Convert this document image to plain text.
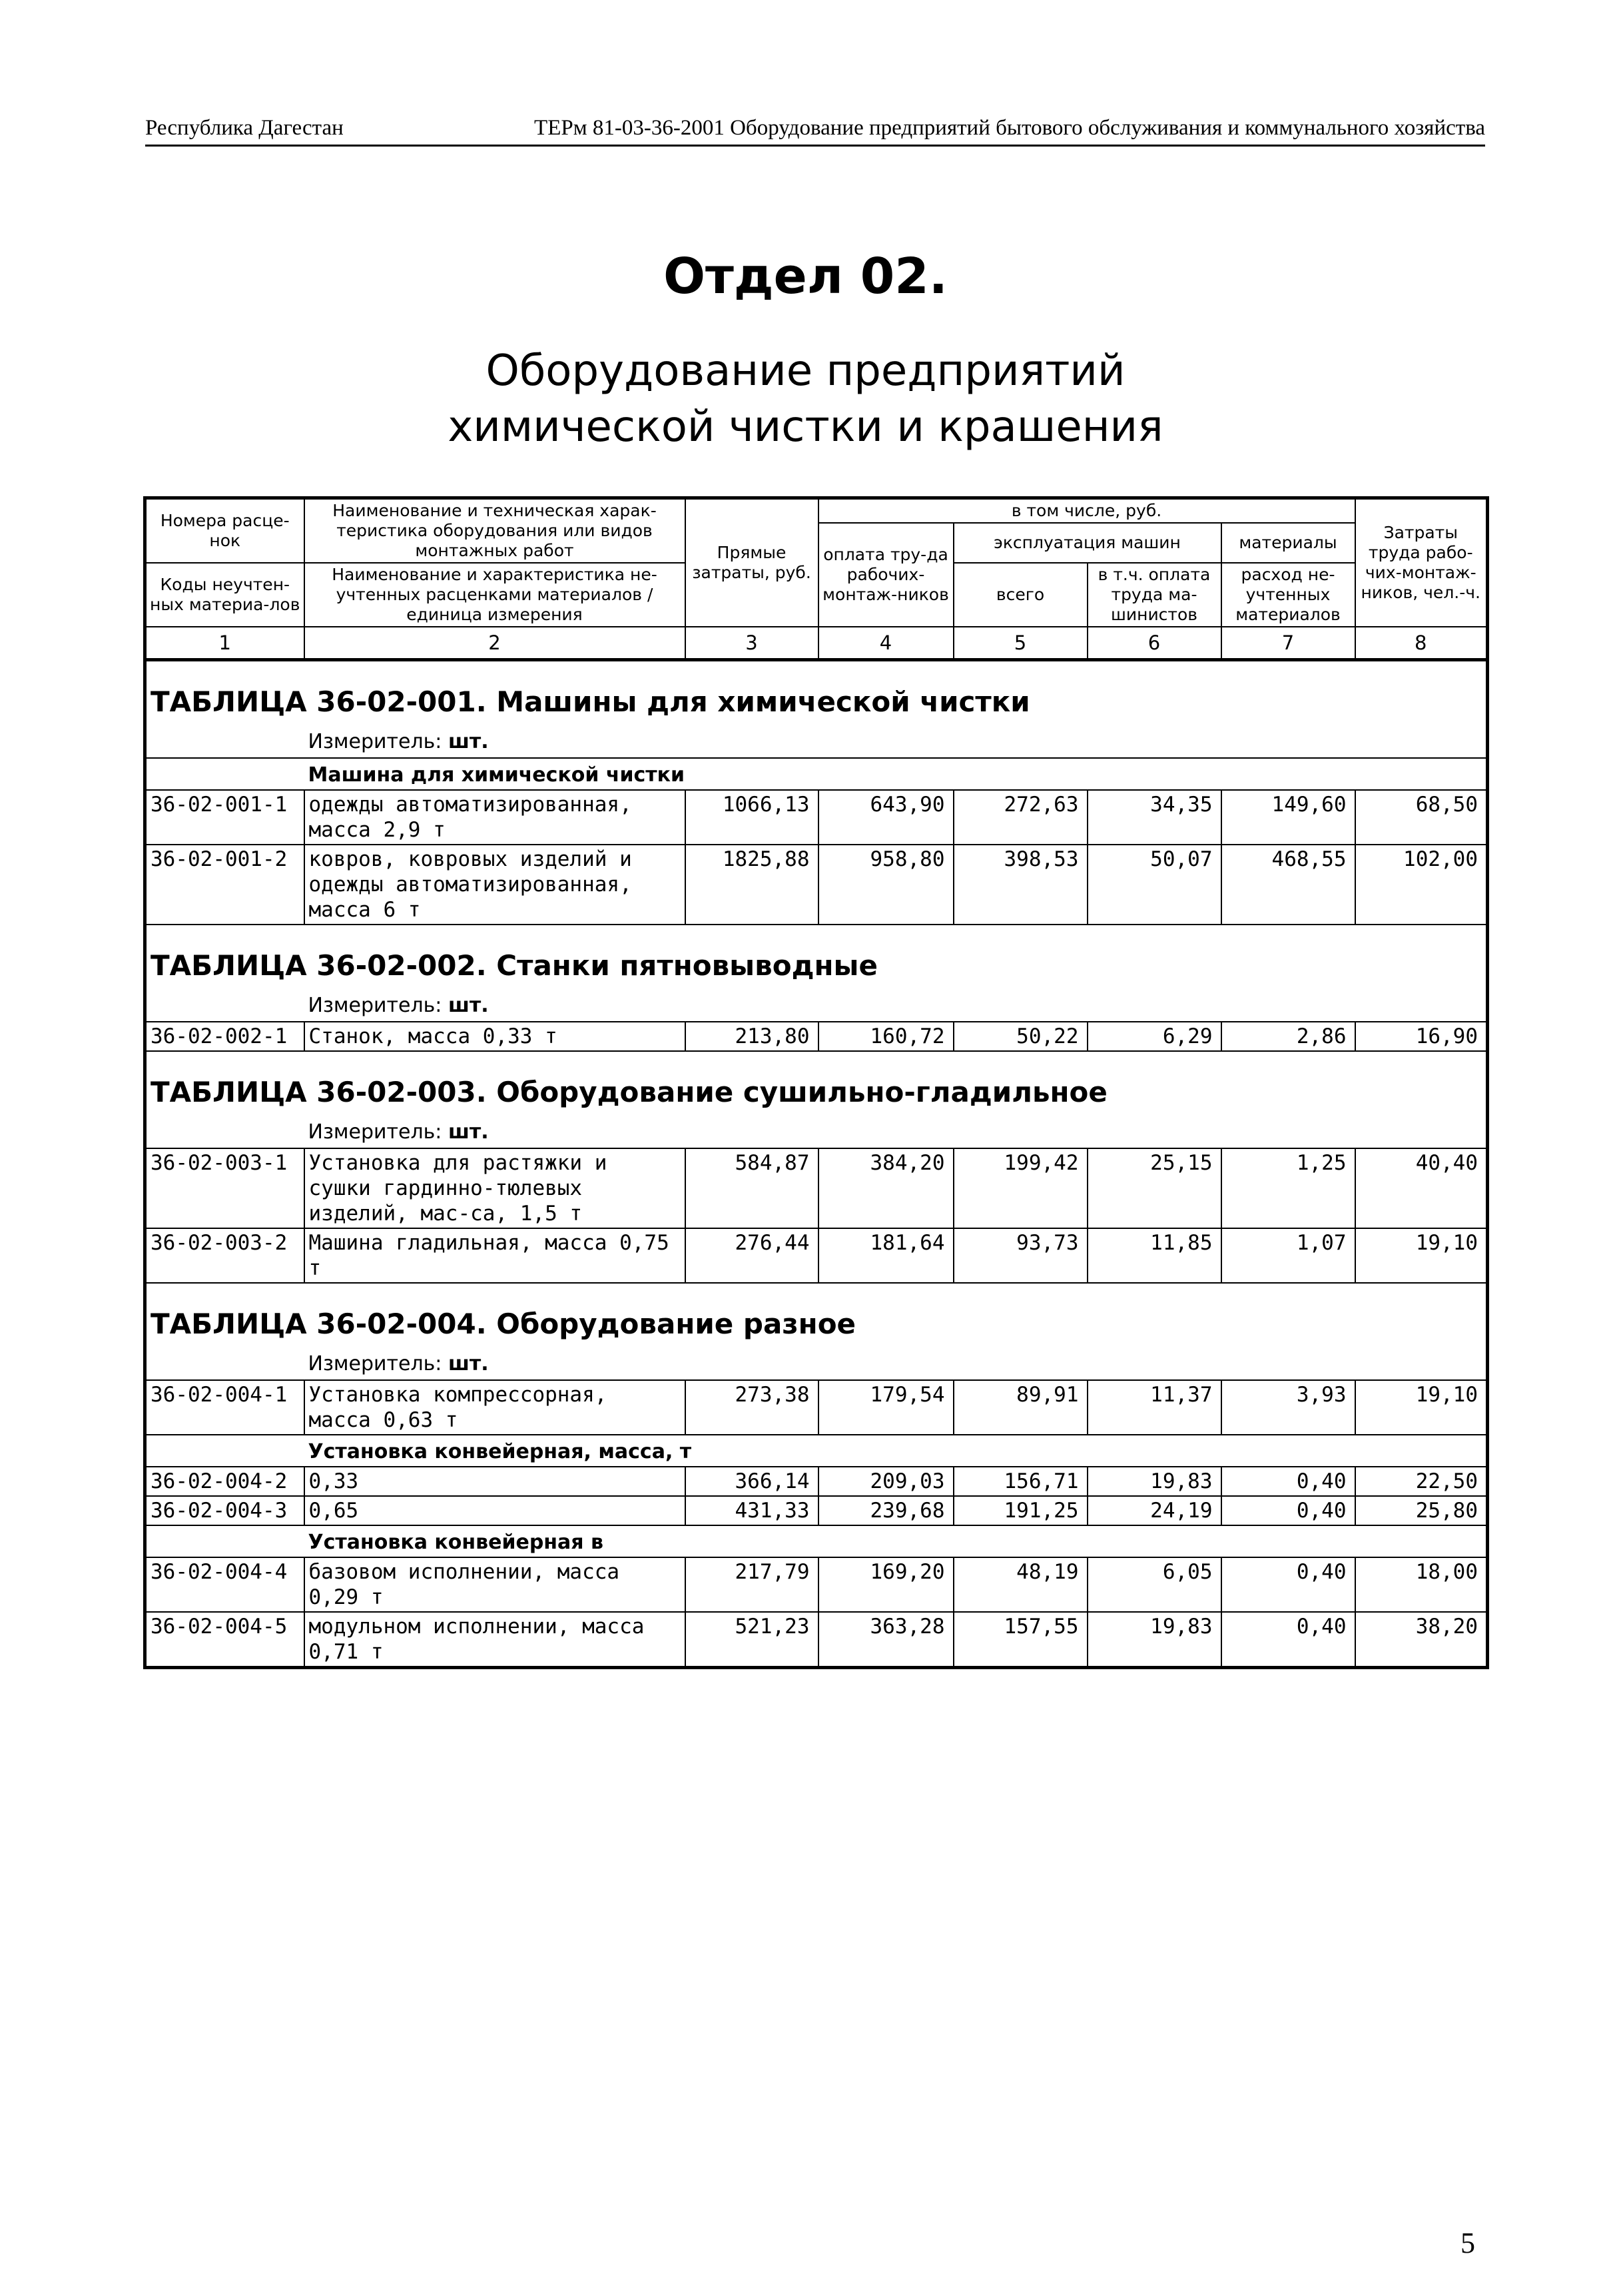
Республика Дагестан	ТЕРм 81-03-36-2001 Оборудование предприятий бытового обслуживания и коммунального хозяйства
Отдел 02.
Оборудование предприятий
химической чистки и крашения
Номера расце-нок	Наименование и техническая харак-теристика оборудования или видов монтажных работ	Прямые затраты, руб.	в том числе, руб.				Затраты труда рабо-чих-монтаж-ников, чел.-ч.
			оплата тру-да рабочих-монтаж-ников	эксплуатация машин		материалы	
Коды неучтен-ных материа-лов	Наименование и характеристика не-учтенных расценками материалов / единица измерения			всего	в т.ч. оплата труда ма-шинистов	расход не-учтенных материалов	

1	2	3	4	5	6	7	8
ТАБЛИЦА 36-02-001. Машины для химической чистки							
	Измеритель: шт.						
	Машина для химической чистки						
36-02-001-1	одежды автоматизированная, масса 2,9 т	1066,13	643,90	272,63	34,35	149,60	68,50
36-02-001-2	ковров, ковровых изделий и одежды автоматизированная, масса 6 т	1825,88	958,80	398,53	50,07	468,55	102,00
ТАБЛИЦА 36-02-002. Станки пятновыводные							
	Измеритель: шт.						
36-02-002-1	Станок, масса 0,33 т	213,80	160,72	50,22	6,29	2,86	16,90
ТАБЛИЦА 36-02-003. Оборудование сушильно-гладильное							
	Измеритель: шт.						
36-02-003-1	Установка для растяжки и сушки гардинно-тюлевых изделий, мас-са, 1,5 т	584,87	384,20	199,42	25,15	1,25	40,40
36-02-003-2	Машина гладильная, масса 0,75 т	276,44	181,64	93,73	11,85	1,07	19,10
ТАБЛИЦА 36-02-004. Оборудование разное							
	Измеритель: шт.						
36-02-004-1	Установка компрессорная, масса 0,63 т	273,38	179,54	89,91	11,37	3,93	19,10
	Установка конвейерная, масса, т						
36-02-004-2	0,33	366,14	209,03	156,71	19,83	0,40	22,50
36-02-004-3	0,65	431,33	239,68	191,25	24,19	0,40	25,80
	Установка конвейерная в						
36-02-004-4	базовом исполнении, масса 0,29 т	217,79	169,20	48,19	6,05	0,40	18,00
36-02-004-5	модульном исполнении, масса 0,71 т	521,23	363,28	157,55	19,83	0,40	38,20
5
